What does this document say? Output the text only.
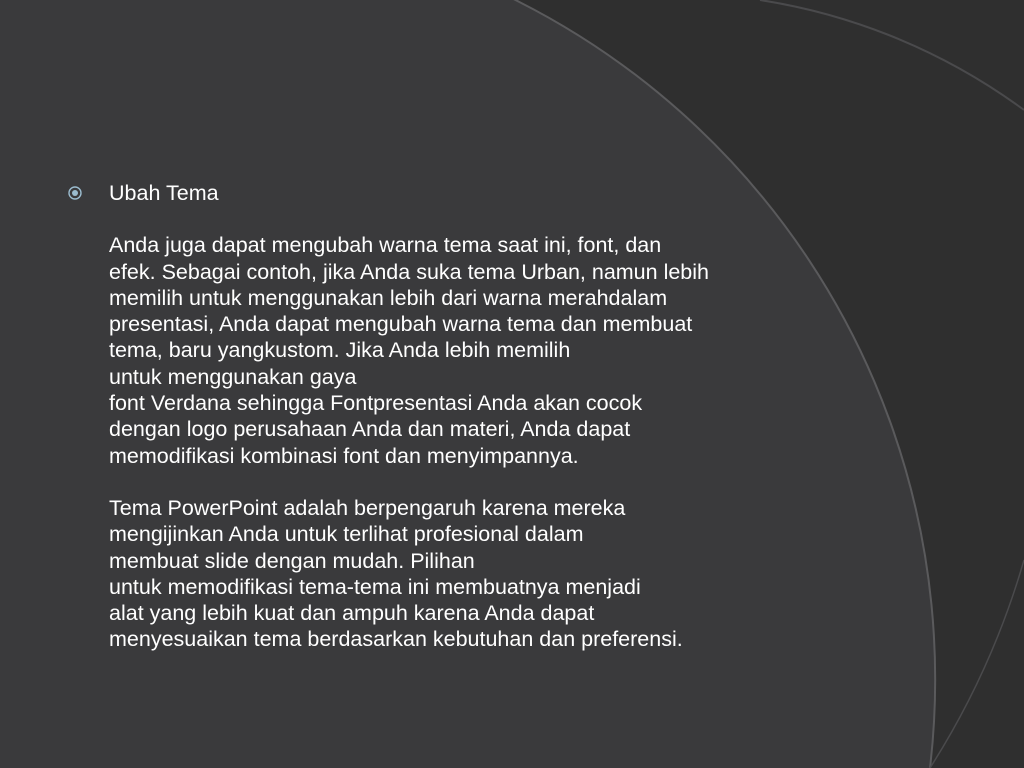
Ubah Tema

Anda juga dapat mengubah warna tema saat ini, font, dan
efek. Sebagai contoh, jika Anda suka tema Urban, namun lebih
memilih untuk menggunakan lebih dari warna merahdalam
presentasi, Anda dapat mengubah warna tema dan membuat
tema, baru yangkustom. Jika Anda lebih memilih
untuk menggunakan gaya
font Verdana sehingga Fontpresentasi Anda akan cocok
dengan logo perusahaan Anda dan materi, Anda dapat
memodifikasi kombinasi font dan menyimpannya.

Tema PowerPoint adalah berpengaruh karena mereka
mengijinkan Anda untuk terlihat profesional dalam
membuat slide dengan mudah. Pilihan
untuk memodifikasi tema-tema ini membuatnya menjadi
alat yang lebih kuat dan ampuh karena Anda dapat
menyesuaikan tema berdasarkan kebutuhan dan preferensi.
